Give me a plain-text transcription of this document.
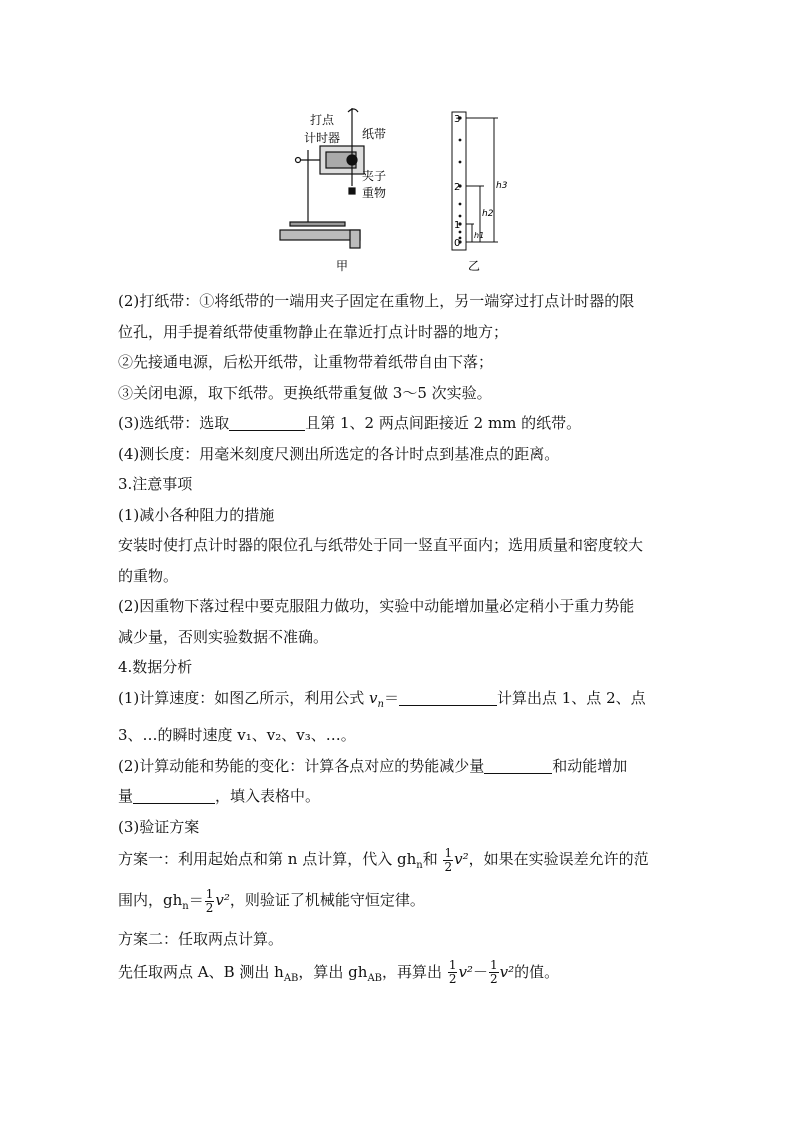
打点
计时器 纸带
夹子
重物
甲
3
2
1
0
h3
h2
h1
乙

(2)打纸带：①将纸带的一端用夹子固定在重物上，另一端穿过打点计时器的限

位孔，用手提着纸带使重物静止在靠近打点计时器的地方；

②先接通电源，后松开纸带，让重物带着纸带自由下落；

③关闭电源，取下纸带。更换纸带重复做 3～5 次实验。

(3)选纸带：选取	且第 1、2 两点间距接近 2 mm 的纸带。

(4)测长度：用毫米刻度尺测出所选定的各计时点到基准点的距离。

3.注意事项

(1)减小各种阻力的措施

安装时使打点计时器的限位孔与纸带处于同一竖直平面内；选用质量和密度较大

的重物。

(2)因重物下落过程中要克服阻力做功，实验中动能增加量必定稍小于重力势能

减少量，否则实验数据不准确。

4.数据分析

(1)计算速度：如图乙所示，利用公式 $v_n=$	计算出点 1、点 2、点

3、…的瞬时速度 v₁、v₂、v₃、…。

(2)计算动能和势能的变化：计算各点对应的势能减少量	和动能增加

量	，填入表格中。

(3)验证方案

方案一：利用起始点和第 n 点计算，代入 $gh_n$和 $\frac{1}{2} v^2$，如果在实验误差允许的范

围内，$gh_n= \frac{1}{2} v^2$，则验证了机械能守恒定律。

方案二：任取两点计算。

先任取两点 A、B 测出 $h_{AB}$，算出 $gh_{AB}$，再算出 $\frac{1}{2} v^2- \frac{1}{2} v^2$的值。
